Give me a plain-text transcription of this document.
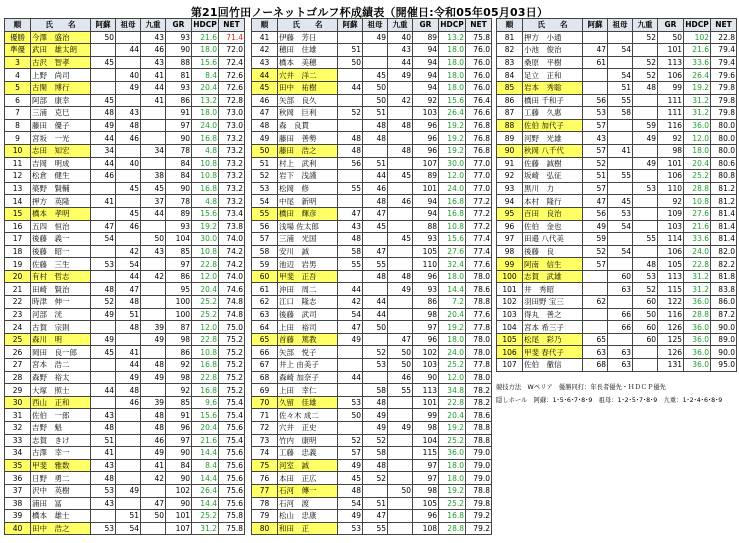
第21回竹田ノーネットゴルフ杯成績表（開催日:令和05年05月03日）
順	氏　　名	阿蘇	祖母	九重	GR	HDCP	NET
優勝	今澤　盛治	50		43	93	21.6	71.4
準優	武田　雄太朗		44	46	90	18.0	72.0
3	古沢　智孝	45		43	88	15.6	72.4
4	上野　尚司		40	41	81	8.4	72.6
5	古閑　博行		49	44	93	20.4	72.6
6	阿部　康幸	45		41	86	13.2	72.8
7	三浦　克巳	48	43		91	18.0	73.0
8	藤田　優子	49	48		97	24.0	73.0
9	宮坂　一光	44	46		90	16.8	73.2
10	志田　知宏	34		34	78	4.8	73.2
11	吉岡　明成	44	40		84	10.8	73.2
12	松倉　健生	46		38	84	10.8	73.2
13	築野　賢輔		45	45	90	16.8	73.2
14	押方　英隆	41		37	78	4.8	73.2
15	橋本　孝明		45	44	89	15.6	73.4
16	五四　恒治	47	46		93	19.2	73.8
17	後藤　義一	54		50	104	30.0	74.0
18	後藤　昭一		42	43	85	10.8	74.2
19	佐藤　三生	53	54		97	22.8	74.2
20	有村　哲志		44	42	86	12.0	74.0
21	田崎　賢治	48	47		95	20.4	74.6
22	時津　伸一	52	48		100	25.2	74.8
23	河部　洸	49	51		100	25.2	74.8
24	古賀　宗則		48	39	87	12.0	75.0
25	森川　明	49		49	98	22.8	75.2
26	岡田　良一郎	45	41		86	10.8	75.2
27	宮本　浩二		44	48	92	16.8	75.2
28	森野　裕太		49	49	98	22.8	75.2
29	大塚　照士	44	48		92	16.8	75.2
30	西山　正和		46	39	85	9.6	75.4
31	佐伯　一郎	43		48	91	15.6	75.4
32	吉野　魁	48		48	96	20.4	75.6
33	志賀　きけ	51		46	97	21.6	75.4
34	古澤　幸一	41		49	90	14.4	75.6
35	甲斐　雅数	43		41	84	8.4	75.6
36	日野　勇二	48		42	90	14.4	75.6
37	沢中　英樹	53	49		102	26.4	75.6
38	浦田　冨	43		47	90	14.4	75.6
39	橋本　雄士		51	50	101	25.2	75.8
40	田中　浩之	53	54		107	31.2	75.8
順	氏　　名	阿蘇	祖母	九重	GR	HDCP	NET
41	伊藤　芳日		49	40	89	13.2	75.8
42	穂田　住雄	51		43	94	18.0	76.0
43	橋本　美穂	50		44	94	18.0	76.0
44	穴井　洋二		45	49	94	18.0	76.0
45	田中　祐樹	44	50		94	18.0	76.0
46	矢部　良久		50	42	92	15.6	76.4
47	秋岡　巨利	52	51		103	26.4	76.6
48	森　良貫		48	48	96	19.2	76.8
49	藤田　善勢	48	48		96	19.2	76.8
50	藤田　浩之	48		48	96	19.2	76.8
51	村上　武利	56	51		107	30.0	77.0
52	岩下　浅謹		44	45	89	12.0	77.0
53	松岡　修	55	46		101	24.0	77.0
54	中尾　新明		48	46	94	16.8	77.2
55	橋田　輝彦	47	47		94	16.8	77.2
56	浅場 佐太郎	43	45		88	10.8	77.2
57	三浦　光国	48		45	93	15.6	77.4
58	安川　誠	58	47		105	27.6	77.4
59	池辺　岩男	55	55		110	32.4	77.6
60	甲斐　正吾		48	48	96	18.0	78.0
61	沖田　周二	44		49	93	14.4	78.6
62	江口　隆志	42	44		86	7.2	78.8
63	後藤　武司	54	44		98	20.4	77.6
64	上田　裕司	47	50		97	19.2	77.8
65	首藤　篤教	49		47	96	18.0	78.0
66	矢部　悦子		52	50	102	24.0	78.0
67	井上 由美子		53	50	103	25.2	77.8
68	森崎 加奈子	44		46	90	12.0	78.0
69	上田　幸仁		58	55	113	34.8	78.2
70	久留　佳雄	53	48		101	22.8	78.2
71	佐々木 成二	50	49		99	20.4	78.6
72	穴井　正史		49	49	98	19.2	78.8
73	竹内　康明	52	52		104	25.2	78.8
74	工藤　忠義	57	58		115	36.0	79.0
75	河室　誠	49	48		97	18.0	79.0
76	本田　正広	45	52		97	18.0	79.0
77	石河　傳一	48		50	98	19.2	78.8
78	石河　渡	54	51		105	25.2	79.8
79	松山　忠康	49	47		96	16.8	79.2
80	和田　正	53	55		108	28.8	79.2
順	氏　　名	阿蘇	祖母	九重	GR	HDCP	NET
81	押方　小通			52	50	102	22.8
82	小池　俊治	47	54		101	21.6	79.4
83	桑原　平樹	61		52	113	33.6	79.4
84	足立　正和		54	52	106	26.4	79.6
85	岩本　秀聡		51	48	99	19.2	79.8
86	橋田 千和子	56	55		111	31.2	79.8
87	工藤　久惠	53	58		111	31.2	79.8
88	佐伯 加代子	57		59	116	36.0	80.0
89	河野　光雄	43		49	92	12.0	80.0
90	秋岡 八千代	57	41		98	18.0	80.0
91	佐藤　誠樹	52		49	101	20.4	80.6
92	坂崎　弘征	51	55		106	25.2	80.8
93	黒川　力	57		53	110	28.8	81.2
94	本村　隆行	47	45		92	10.8	81.2
95	百田　良治	56	53		109	27.6	81.4
96	佐伯　金也	49	54		103	21.6	81.4
97	田邉 八代美	59		55	114	33.6	81.4
98	後藤　良	52	54		106	24.0	82.0
99	阿南　信生	57		48	105	22.8	82.2
100	志賀　武雄		60	53	113	31.2	81.8
101	井　秀昭		63	52	115	31.2	83.8
102	羽田野 宝三	62		60	122	36.0	86.0
103	得丸　善之		66	50	116	28.8	87.2
104	宮本 希三子		66	60	126	36.0	90.0
105	松尾　彩乃	65		60	125	36.0	89.0
106	甲斐 春代子	63	63		126	36.0	90.0
107	佐伯　徹信	68	63		131	36.0	95.0
競技方法　Wペリア　優勝同打：年長者優先・ＨＤＣＰ優先
隠しホール　阿蘇：1･5･6･7･8･9　祖母：1･2･5･7･8･9　九重：1･2･4･6･8･9
